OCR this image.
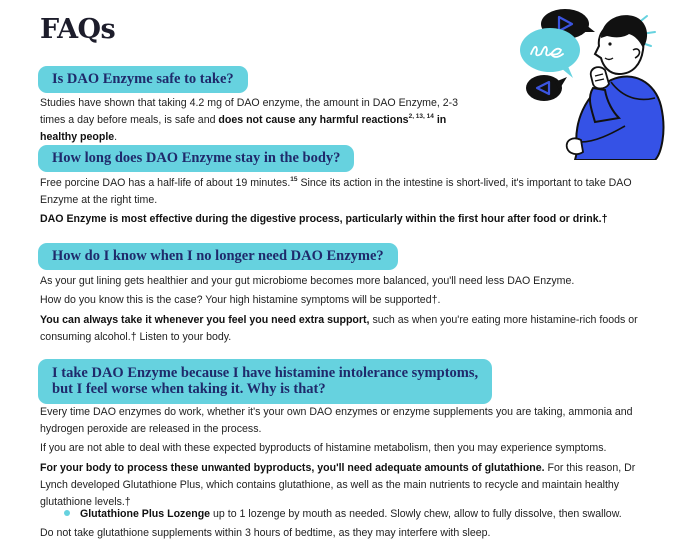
FAQs
Is DAO Enzyme safe to take?

Studies have shown that taking 4.2 mg of DAO enzyme, the amount in DAO Enzyme, 2-3 times a day before meals, is safe and does not cause any harmful reactions$^{2, 13, 14}$ in healthy people.

How long does DAO Enzyme stay in the body?

Free porcine DAO has a half-life of about 19 minutes.$^{15}$ Since its action in the intestine is short-lived, it's important to take DAO Enzyme at the right time.

DAO Enzyme is most effective during the digestive process, particularly within the first hour after food or drink.†

How do I know when I no longer need DAO Enzyme?

As your gut lining gets healthier and your gut microbiome becomes more balanced, you'll need less DAO Enzyme.

How do you know this is the case? Your high histamine symptoms will be supported†.

You can always take it whenever you feel you need extra support, such as when you're eating more histamine-rich foods or consuming alcohol.† Listen to your body.

I take DAO Enzyme because I have histamine intolerance symptoms,
but I feel worse when taking it. Why is that?

Every time DAO enzymes do work, whether it's your own DAO enzymes or enzyme supplements you are taking, ammonia and hydrogen peroxide are released in the process.

If you are not able to deal with these expected byproducts of histamine metabolism, then you may experience symptoms.

For your body to process these unwanted byproducts, you'll need adequate amounts of glutathione. For this reason, Dr Lynch developed Glutathione Plus, which contains glutathione, as well as the main nutrients to recycle and maintain healthy glutathione levels.†

Glutathione Plus Lozenge up to 1 lozenge by mouth as needed. Slowly chew, allow to fully dissolve, then swallow.

Do not take glutathione supplements within 3 hours of bedtime, as they may interfere with sleep.
